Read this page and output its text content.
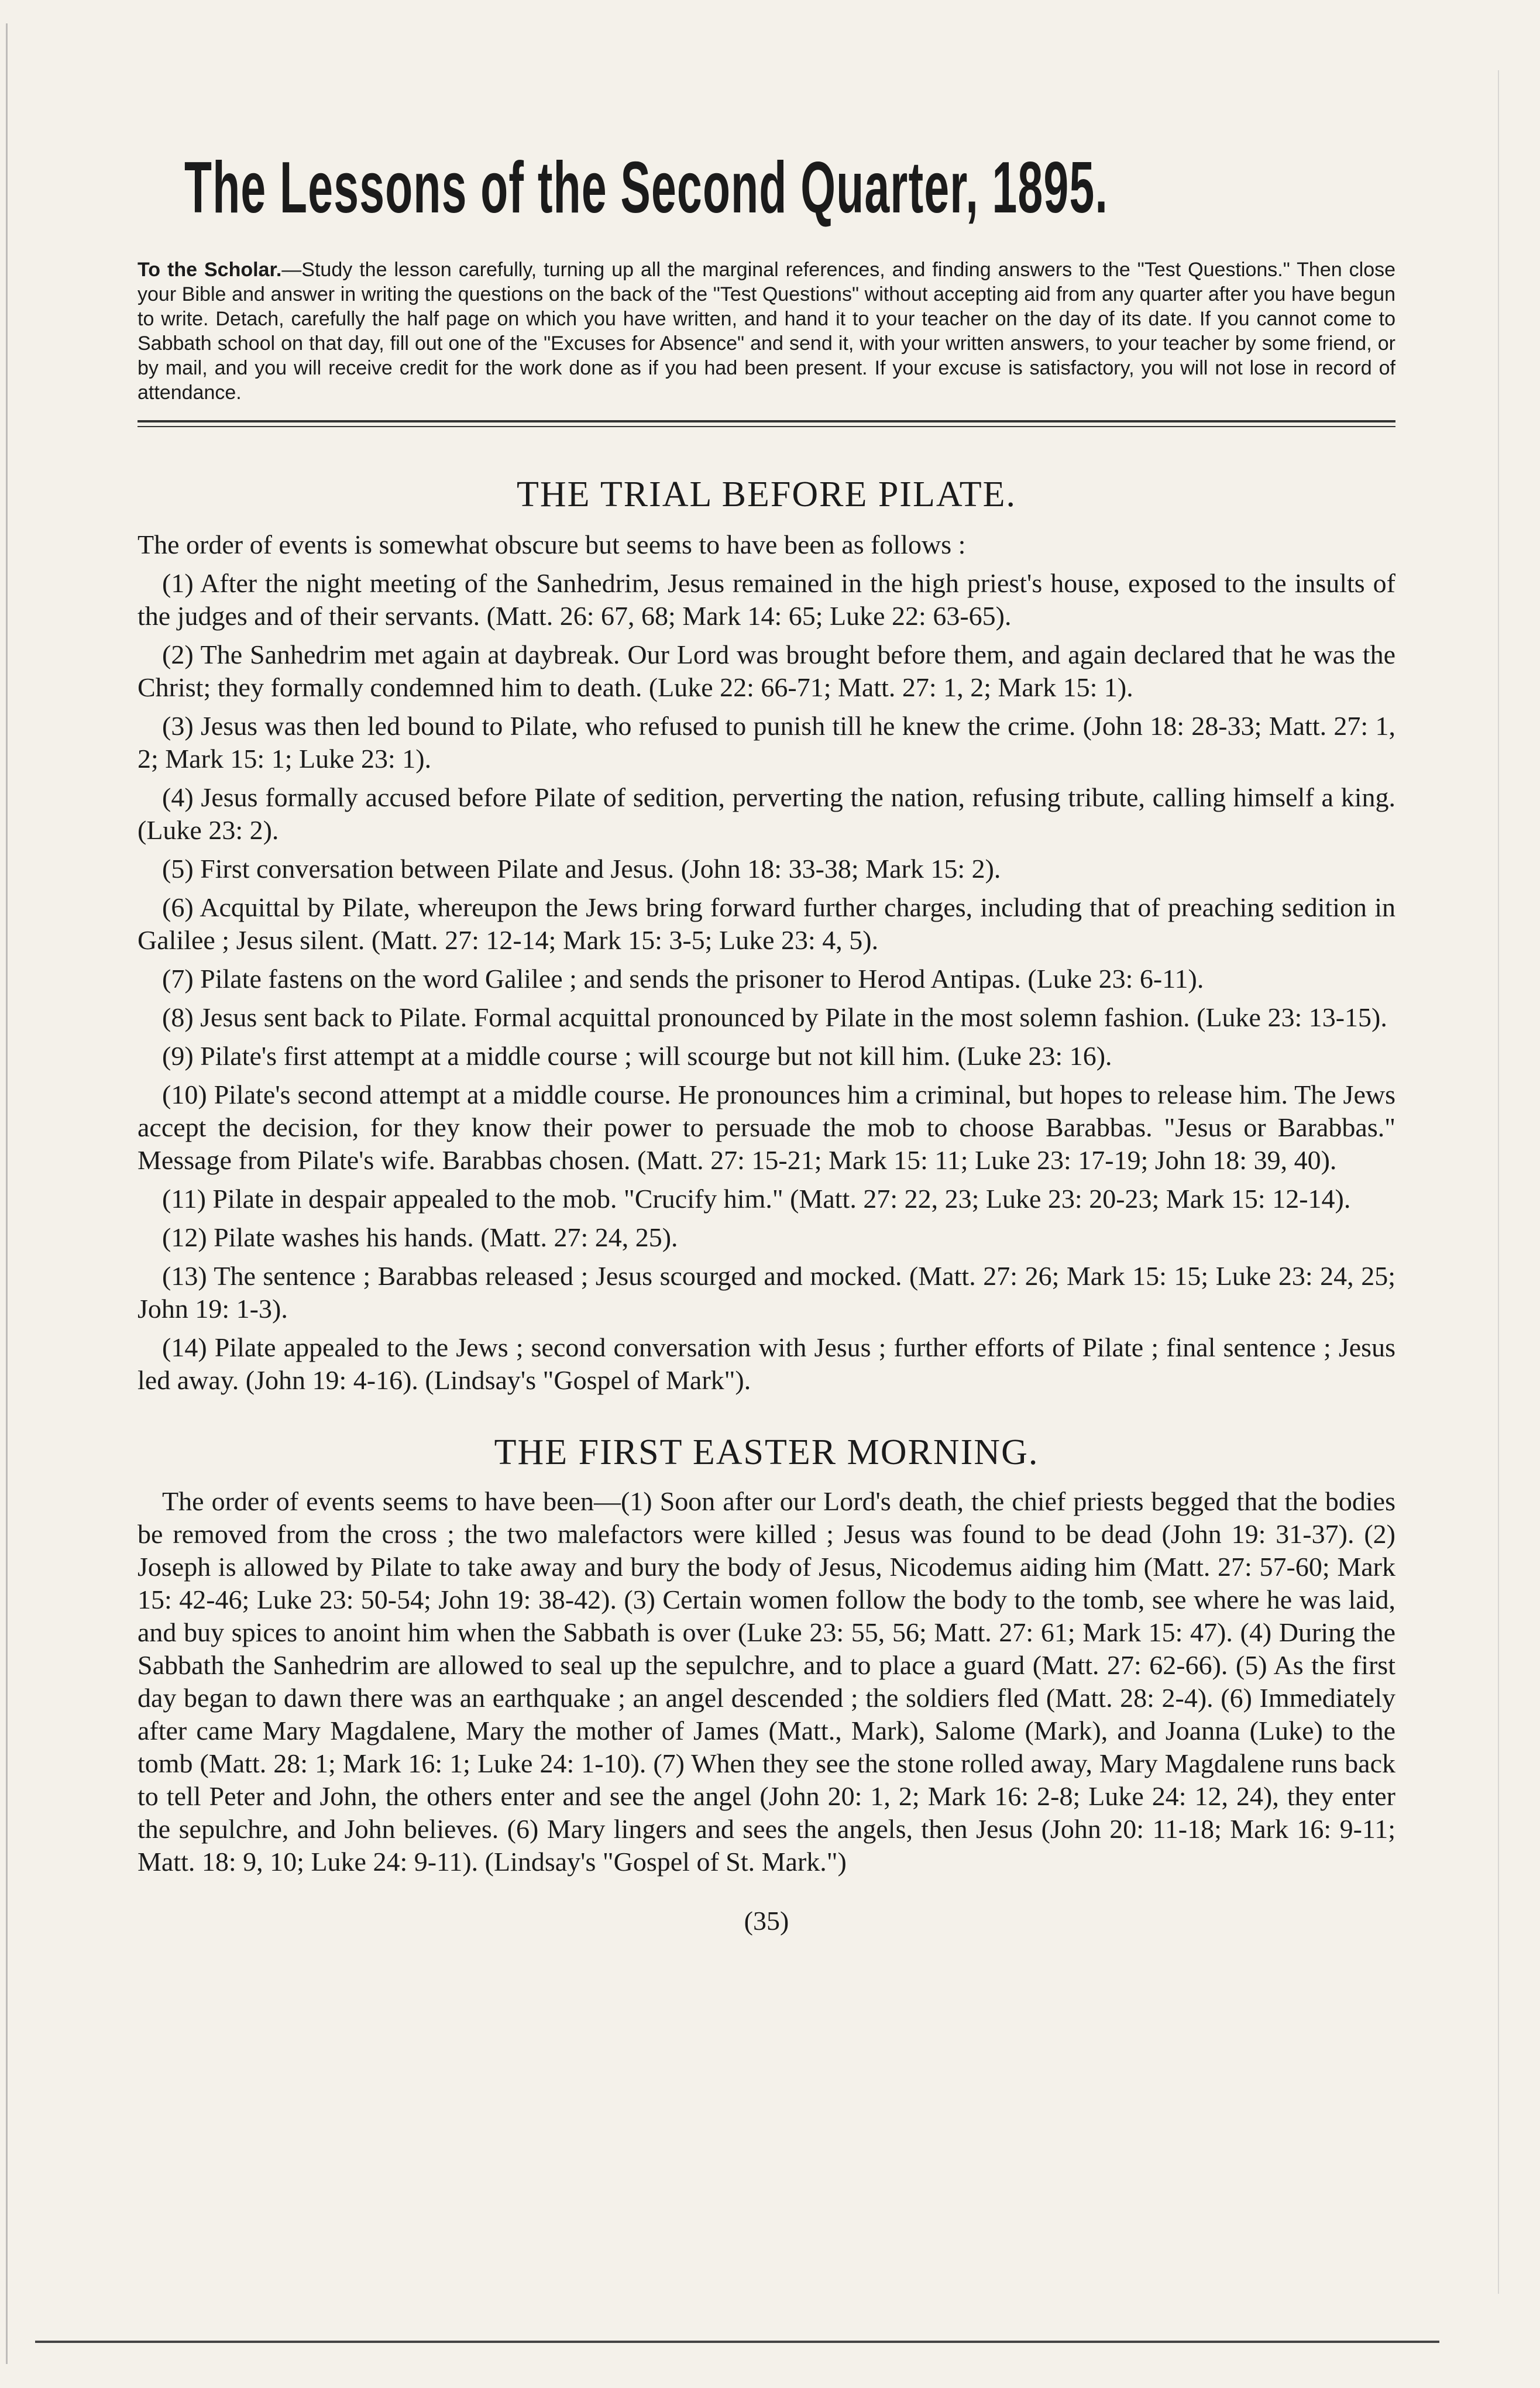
The Lessons of the Second Quarter, 1895.
To the Scholar.—Study the lesson carefully, turning up all the marginal references, and finding answers to the "Test Questions." Then close your Bible and answer in writing the questions on the back of the "Test Questions" without accepting aid from any quarter after you have begun to write. Detach, carefully the half page on which you have written, and hand it to your teacher on the day of its date. If you cannot come to Sabbath school on that day, fill out one of the "Excuses for Absence" and send it, with your written answers, to your teacher by some friend, or by mail, and you will receive credit for the work done as if you had been present. If your excuse is satisfactory, you will not lose in record of attendance.
THE TRIAL BEFORE PILATE.
The order of events is somewhat obscure but seems to have been as follows :

(1) After the night meeting of the Sanhedrim, Jesus remained in the high priest's house, exposed to the insults of the judges and of their servants. (Matt. 26: 67, 68; Mark 14: 65; Luke 22: 63-65).

(2) The Sanhedrim met again at daybreak. Our Lord was brought before them, and again declared that he was the Christ; they formally condemned him to death. (Luke 22: 66-71; Matt. 27: 1, 2; Mark 15: 1).

(3) Jesus was then led bound to Pilate, who refused to punish till he knew the crime. (John 18: 28-33; Matt. 27: 1, 2; Mark 15: 1; Luke 23: 1).

(4) Jesus formally accused before Pilate of sedition, perverting the nation, refusing tribute, calling himself a king. (Luke 23: 2).

(5) First conversation between Pilate and Jesus. (John 18: 33-38; Mark 15: 2).

(6) Acquittal by Pilate, whereupon the Jews bring forward further charges, including that of preaching sedition in Galilee ; Jesus silent. (Matt. 27: 12-14; Mark 15: 3-5; Luke 23: 4, 5).

(7) Pilate fastens on the word Galilee ; and sends the prisoner to Herod Antipas. (Luke 23: 6-11).

(8) Jesus sent back to Pilate. Formal acquittal pronounced by Pilate in the most solemn fashion. (Luke 23: 13-15).

(9) Pilate's first attempt at a middle course ; will scourge but not kill him. (Luke 23: 16).

(10) Pilate's second attempt at a middle course. He pronounces him a criminal, but hopes to release him. The Jews accept the decision, for they know their power to persuade the mob to choose Barabbas. "Jesus or Barabbas." Message from Pilate's wife. Barabbas chosen. (Matt. 27: 15-21; Mark 15: 11; Luke 23: 17-19; John 18: 39, 40).

(11) Pilate in despair appealed to the mob. "Crucify him." (Matt. 27: 22, 23; Luke 23: 20-23; Mark 15: 12-14).

(12) Pilate washes his hands. (Matt. 27: 24, 25).

(13) The sentence ; Barabbas released ; Jesus scourged and mocked. (Matt. 27: 26; Mark 15: 15; Luke 23: 24, 25; John 19: 1-3).

(14) Pilate appealed to the Jews ; second conversation with Jesus ; further efforts of Pilate ; final sentence ; Jesus led away. (John 19: 4-16). (Lindsay's "Gospel of Mark").

THE FIRST EASTER MORNING.

The order of events seems to have been—(1) Soon after our Lord's death, the chief priests begged that the bodies be removed from the cross ; the two malefactors were killed ; Jesus was found to be dead (John 19: 31-37). (2) Joseph is allowed by Pilate to take away and bury the body of Jesus, Nicodemus aiding him (Matt. 27: 57-60; Mark 15: 42-46; Luke 23: 50-54; John 19: 38-42). (3) Certain women follow the body to the tomb, see where he was laid, and buy spices to anoint him when the Sabbath is over (Luke 23: 55, 56; Matt. 27: 61; Mark 15: 47). (4) During the Sabbath the Sanhedrim are allowed to seal up the sepulchre, and to place a guard (Matt. 27: 62-66). (5) As the first day began to dawn there was an earthquake ; an angel descended ; the soldiers fled (Matt. 28: 2-4). (6) Immediately after came Mary Magdalene, Mary the mother of James (Matt., Mark), Salome (Mark), and Joanna (Luke) to the tomb (Matt. 28: 1; Mark 16: 1; Luke 24: 1-10). (7) When they see the stone rolled away, Mary Magdalene runs back to tell Peter and John, the others enter and see the angel (John 20: 1, 2; Mark 16: 2-8; Luke 24: 12, 24), they enter the sepulchre, and John believes. (6) Mary lingers and sees the angels, then Jesus (John 20: 11-18; Mark 16: 9-11; Matt. 18: 9, 10; Luke 24: 9-11). (Lindsay's "Gospel of St. Mark.")

(35)
